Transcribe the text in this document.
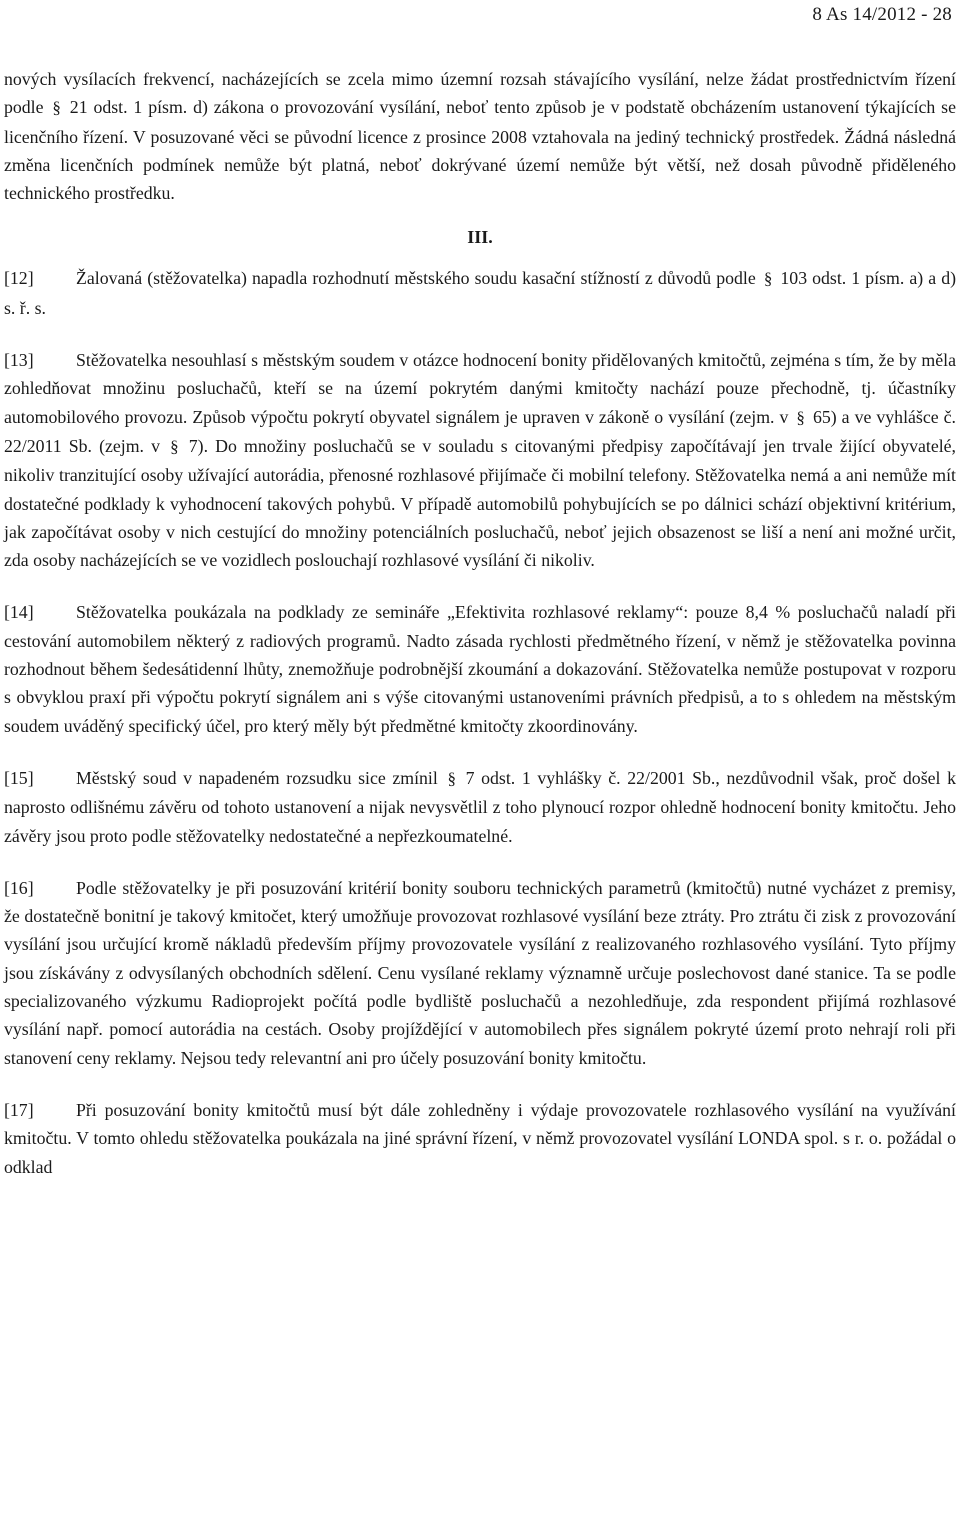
8 As 14/2012 - 28

nových vysílacích frekvencí, nacházejících se zcela mimo územní rozsah stávajícího vysílání, nelze žádat prostřednictvím řízení podle § 21 odst. 1 písm. d) zákona o provozování vysílání, neboť tento způsob je v podstatě obcházením ustanovení týkajících se licenčního řízení. V posuzované věci se původní licence z prosince 2008 vztahovala na jediný technický prostředek. Žádná následná změna licenčních podmínek nemůže být platná, neboť dokrývané území nemůže být větší, než dosah původně přiděleného technického prostředku.

III.

[12] Žalovaná (stěžovatelka) napadla rozhodnutí městského soudu kasační stížností z důvodů podle § 103 odst. 1 písm. a) a d) s. ř. s.

[13] Stěžovatelka nesouhlasí s městským soudem v otázce hodnocení bonity přidělovaných kmitočtů, zejména s tím, že by měla zohledňovat množinu posluchačů, kteří se na území pokrytém danými kmitočty nachází pouze přechodně, tj. účastníky automobilového provozu. Způsob výpočtu pokrytí obyvatel signálem je upraven v zákoně o vysílání (zejm. v § 65) a ve vyhlášce č. 22/2011 Sb. (zejm. v § 7). Do množiny posluchačů se v souladu s citovanými předpisy započítávají jen trvale žijící obyvatelé, nikoliv tranzitující osoby užívající autorádia, přenosné rozhlasové přijímače či mobilní telefony. Stěžovatelka nemá a ani nemůže mít dostatečné podklady k vyhodnocení takových pohybů. V případě automobilů pohybujících se po dálnici schází objektivní kritérium, jak započítávat osoby v nich cestující do množiny potenciálních posluchačů, neboť jejich obsazenost se liší a není ani možné určit, zda osoby nacházejících se ve vozidlech poslouchají rozhlasové vysílání či nikoliv.

[14] Stěžovatelka poukázala na podklady ze semináře „Efektivita rozhlasové reklamy“: pouze 8,4 % posluchačů naladí při cestování automobilem některý z radiových programů. Nadto zásada rychlosti předmětného řízení, v němž je stěžovatelka povinna rozhodnout během šedesátidenní lhůty, znemožňuje podrobnější zkoumání a dokazování. Stěžovatelka nemůže postupovat v rozporu s obvyklou praxí při výpočtu pokrytí signálem ani s výše citovanými ustanoveními právních předpisů, a to s ohledem na městským soudem uváděný specifický účel, pro který měly být předmětné kmitočty zkoordinovány.

[15] Městský soud v napadeném rozsudku sice zmínil § 7 odst. 1 vyhlášky č. 22/2001 Sb., nezdůvodnil však, proč došel k naprosto odlišnému závěru od tohoto ustanovení a nijak nevysvětlil z toho plynoucí rozpor ohledně hodnocení bonity kmitočtu. Jeho závěry jsou proto podle stěžovatelky nedostatečné a nepřezkoumatelné.

[16] Podle stěžovatelky je při posuzování kritérií bonity souboru technických parametrů (kmitočtů) nutné vycházet z premisy, že dostatečně bonitní je takový kmitočet, který umožňuje provozovat rozhlasové vysílání beze ztráty. Pro ztrátu či zisk z provozování vysílání jsou určující kromě nákladů především příjmy provozovatele vysílání z realizovaného rozhlasového vysílání. Tyto příjmy jsou získávány z odvysílaných obchodních sdělení. Cenu vysílané reklamy významně určuje poslechovost dané stanice. Ta se podle specializovaného výzkumu Radioprojekt počítá podle bydliště posluchačů a nezohledňuje, zda respondent přijímá rozhlasové vysílání např. pomocí autorádia na cestách. Osoby projíždějící v automobilech přes signálem pokryté území proto nehrají roli při stanovení ceny reklamy. Nejsou tedy relevantní ani pro účely posuzování bonity kmitočtu.

[17] Při posuzování bonity kmitočtů musí být dále zohledněny i výdaje provozovatele rozhlasového vysílání na využívání kmitočtu. V tomto ohledu stěžovatelka poukázala na jiné správní řízení, v němž provozovatel vysílání LONDA spol. s r. o. požádal o odklad
